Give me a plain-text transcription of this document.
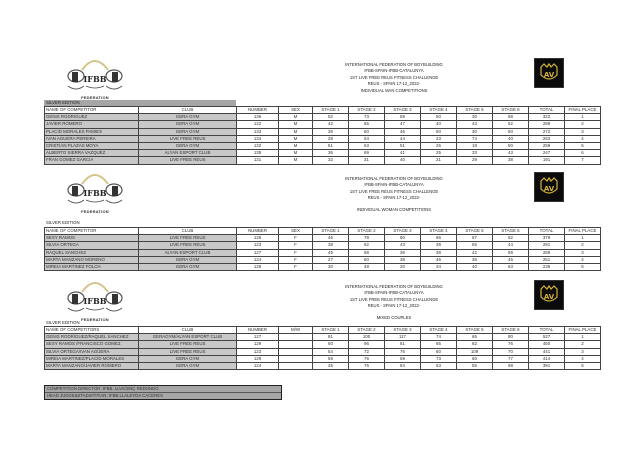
IFBB
FEDERATION
INTERNATIONAL FEDERATION OF BOYBUILDING
IFBB-SPAIN-IFBB-CATALUNYA
1ST LIVE FREE REUS FITNESS CHALLENGE
REUS - SPAIN 17-12_2022-
INDIVIDUAL MAN COMPETITIONS
AV
SILVER EDITION
NAME OF COMPETITOR	CLUB	NUMBER	SEX	STAGE 1	STAGE 2	STAGE 3	STAGE 4	STAGE 5	STAGE 6	TOTAL	FINAL PLACE
GENIS RODRIGUEZ	GERA GYM	136	M	52	73	59	50	30	58	322	1
JAVIER ROMERO	GERA GYM	122	M	42	65	47	40	43	52	289	2
PLACID MORALES PAMIES	GERA GYM	133	M	36	60	46	50	30	50	272	3
IVAN AGUERA PEREIRA	LIVE FREE REUS	134	M	28	54	44	23	74	40	263	4
CRISTIAN PLAZAS MOYA	GERA GYM	132	M	51	63	51	26	18	50	259	5
ALBERTO SIERRA VAZQUEZ	ALYAN ESPORT CLUB	135	M	36	69	41	25	33	43	247	6
FRAN GOMEZ GARCIA	LIVE FREE REUS	131	M	32	31	40	21	29	38	191	7
IFBB
FEDERATION
INTERNATIONAL FEDERATION OF BOYBUILDING
IFBB-SPAIN-IFBB-CATALUNYA
1ST LIVE FREE REUS FITNESS CHALLENGE
REUS - SPAIN 17-12_2022-
INDIVIDUAL WOMAN COMPETITIONS
AV
SILVER EDITION
NAME OF COMPETITOR	CLUB	NUMBER	SEX	STAGE 1	STAGE 2	STAGE 3	STAGE 4	STAGE 5	STAGE 6	TOTAL	FINAL PLACE
SESY RAMOS	LIVE FREE REUS	125	F	46	78	60	66	67	62	379	1
SILVIA ORTEGA	LIVE FREE REUS	123	F	38	62	43	39	65	44	291	2
RAQUEL SANCHEZ	ALYAN ESPORT CLUB	127	F	45	68	36	38	42	59	288	3
MARTA MANZANO MORENO	GERA GYM	124	F	27	60	38	46	35	45	251	4
MIREIA MARTINEZ FOLCH	GERA GYM	129	F	30	48	20	34	40	63	235	5
IFBB
FEDERATION
INTERNATIONAL FEDERATION OF BOYBUILDING
IFBB-SPAIN-IFBB-CATALUNYA
1ST LIVE FREE REUS FITNESS CHALLENGE
REUS - SPAIN 17-12_2022-
MIXED COUPLES
AV
SILVER EDITION
NAME OF COMPETITORS	CLUB	NUMBER	M/W	STAGE 1	STAGE 2	STAGE 3	STAGE 4	STAGE 5	STAGE 6	TOTAL	FINAL PLACE
GENIS RODRIGUEZ/RAQUEL SANCHEZ	GERAGYM/ALYAN ESPORT CLUB	127		81	100	117	74	65	90	527	1
SESY RAMOS /FRANCISCO GOMEZ	LIVE FREE REUS	129		60	96	81	65	82	76	460	2
SILVIA ORTEGA/IVAN AGÜERA	LIVE FREE REUS	123		54	72	76	60	109	70	441	3
MIREIA MARTINEZ/PLACID MORALES	GERA GYM	129		59	76	69	73	60	77	414	4
MARTA MANZANO/JAVIER ROMERO	GERA GYM	124		45	76	84	63	55	68	391	5
COMPETITION DIRECTOR :IFBB. LLVICENÇ REDONDO
HEAD JUDGE&STADISTITIAN: IFBB LLALEYDA CACERES
